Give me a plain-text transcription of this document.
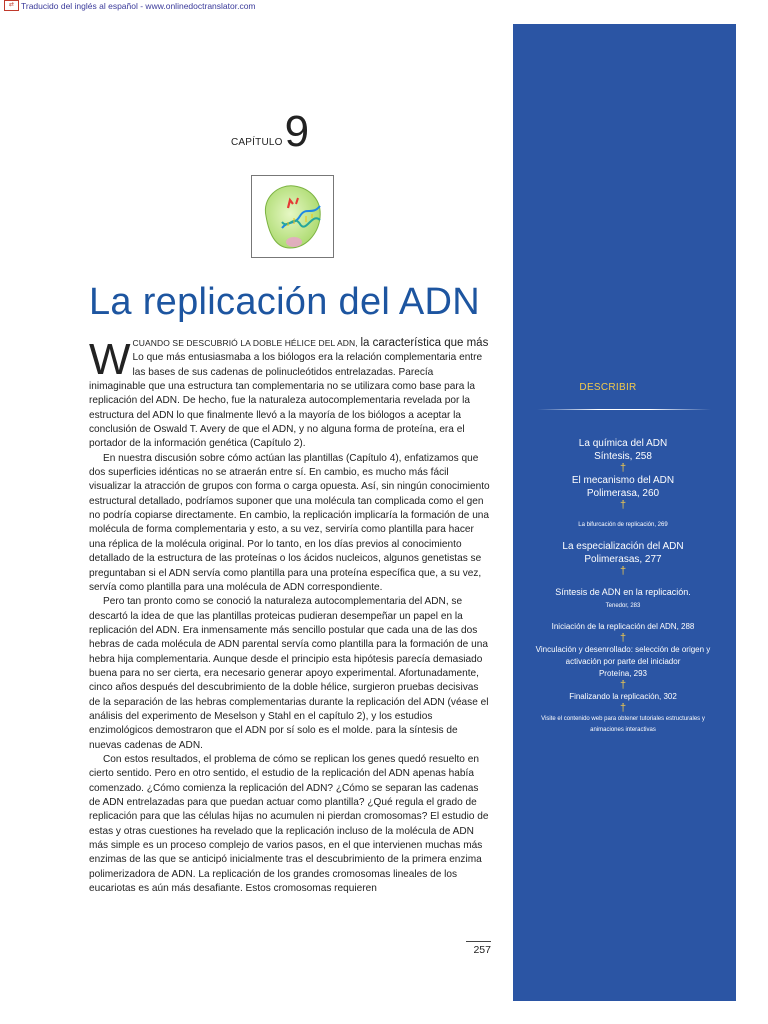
⇄ Traducido del inglés al español - www.onlinedoctranslator.com
CAPÍTULO 9
La replicación del ADN

WCUANDO SE DESCUBRIÓ LA DOBLE HÉLICE DEL ADN, la característica que más Lo que más entusiasmaba a los biólogos era la relación complementaria entre las bases de sus cadenas de polinucleótidos entrelazadas. Parecía inimaginable que una estructura tan complementaria no se utilizara como base para la replicación del ADN. De hecho, fue la naturaleza autocomplementaria revelada por la estructura del ADN lo que finalmente llevó a la mayoría de los biólogos a aceptar la conclusión de Oswald T. Avery de que el ADN, y no alguna forma de proteína, era el portador de la información genética (Capítulo 2).

En nuestra discusión sobre cómo actúan las plantillas (Capítulo 4), enfatizamos que dos superficies idénticas no se atraerán entre sí. En cambio, es mucho más fácil visualizar la atracción de grupos con forma o carga opuesta. Así, sin ningún conocimiento estructural detallado, podríamos suponer que una molécula tan complicada como el gen no podría copiarse directamente. En cambio, la replicación implicaría la formación de una molécula de forma complementaria y esto, a su vez, serviría como plantilla para hacer una réplica de la molécula original. Por lo tanto, en los días previos al conocimiento detallado de la estructura de las proteínas o los ácidos nucleicos, algunos genetistas se preguntaban si el ADN servía como plantilla para una proteína específica que, a su vez, servía como plantilla para una molécula de ADN correspondiente.

Pero tan pronto como se conoció la naturaleza autocomplementaria del ADN, se descartó la idea de que las plantillas proteicas pudieran desempeñar un papel en la replicación del ADN. Era inmensamente más sencillo postular que cada una de las dos hebras de cada molécula de ADN parental servía como plantilla para la formación de una hebra hija complementaria. Aunque desde el principio esta hipótesis parecía demasiado buena para no ser cierta, era necesario generar apoyo experimental. Afortunadamente, cinco años después del descubrimiento de la doble hélice, surgieron pruebas decisivas de la separación de las hebras complementarias durante la replicación del ADN (véase el análisis del experimento de Meselson y Stahl en el capítulo 2), y los estudios enzimológicos demostraron que el ADN por sí solo es el molde. para la síntesis de nuevas cadenas de ADN.

Con estos resultados, el problema de cómo se replican los genes quedó resuelto en cierto sentido. Pero en otro sentido, el estudio de la replicación del ADN apenas había comenzado. ¿Cómo comienza la replicación del ADN? ¿Cómo se separan las cadenas de ADN entrelazadas para que puedan actuar como plantilla? ¿Qué regula el grado de replicación para que las células hijas no acumulen ni pierdan cromosomas? El estudio de estas y otras cuestiones ha revelado que la replicación incluso de la molécula de ADN más simple es un proceso complejo de varios pasos, en el que intervienen muchas más enzimas de las que se anticipó inicialmente tras el descubrimiento de la primera enzima polimerizadora de ADN. La replicación de los grandes cromosomas lineales de los eucariotas es aún más desafiante. Estos cromosomas requieren

257
DESCRIBIR
La química del ADN
Síntesis, 258
†
El mecanismo del ADN
Polimerasa, 260
†
La bifurcación de replicación, 269
La especialización del ADN
Polimerasas, 277
†
Síntesis de ADN en la replicación.
Tenedor, 283
Iniciación de la replicación del ADN, 288
†
Vinculación y desenrollado: selección de origen y activación por parte del iniciador
Proteína, 293
†
Finalizando la replicación, 302
†
Visite el contenido web para obtener tutoriales estructurales y animaciones interactivas
